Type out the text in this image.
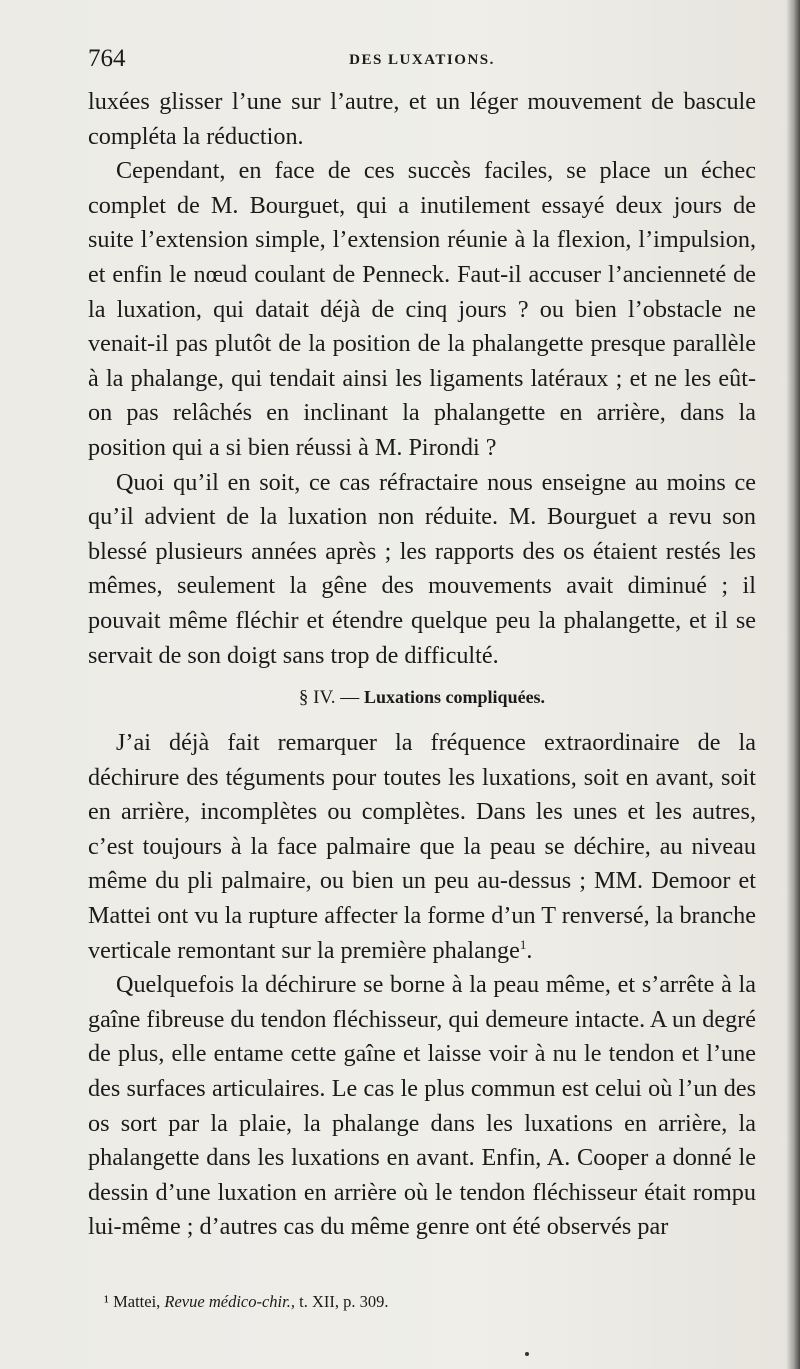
764	DES LUXATIONS.

luxées glisser l’une sur l’autre, et un léger mouvement de bascule compléta la réduction.

Cependant, en face de ces succès faciles, se place un échec complet de M. Bourguet, qui a inutilement essayé deux jours de suite l’extension simple, l’extension réunie à la flexion, l’impulsion, et enfin le nœud coulant de Penneck. Faut-il accuser l’ancienneté de la luxation, qui datait déjà de cinq jours ? ou bien l’obstacle ne venait-il pas plutôt de la position de la phalangette presque parallèle à la phalange, qui tendait ainsi les ligaments latéraux ; et ne les eût-on pas relâchés en inclinant la phalangette en arrière, dans la position qui a si bien réussi à M. Pirondi ?

Quoi qu’il en soit, ce cas réfractaire nous enseigne au moins ce qu’il advient de la luxation non réduite. M. Bourguet a revu son blessé plusieurs années après ; les rapports des os étaient restés les mêmes, seulement la gêne des mouvements avait diminué ; il pouvait même fléchir et étendre quelque peu la phalangette, et il se servait de son doigt sans trop de difficulté.

§ IV. — Luxations compliquées.

J’ai déjà fait remarquer la fréquence extraordinaire de la déchirure des téguments pour toutes les luxations, soit en avant, soit en arrière, incomplètes ou complètes. Dans les unes et les autres, c’est toujours à la face palmaire que la peau se déchire, au niveau même du pli palmaire, ou bien un peu au-dessus ; MM. Demoor et Mattei ont vu la rupture affecter la forme d’un T renversé, la branche verticale remontant sur la première phalange$^1$.

Quelquefois la déchirure se borne à la peau même, et s’arrête à la gaîne fibreuse du tendon fléchisseur, qui demeure intacte. A un degré de plus, elle entame cette gaîne et laisse voir à nu le tendon et l’une des surfaces articulaires. Le cas le plus commun est celui où l’un des os sort par la plaie, la phalange dans les luxations en arrière, la phalangette dans les luxations en avant. Enfin, A. Cooper a donné le dessin d’une luxation en arrière où le tendon fléchisseur était rompu lui-même ; d’autres cas du même genre ont été observés par

¹ Mattei, Revue médico-chir., t. XII, p. 309.
